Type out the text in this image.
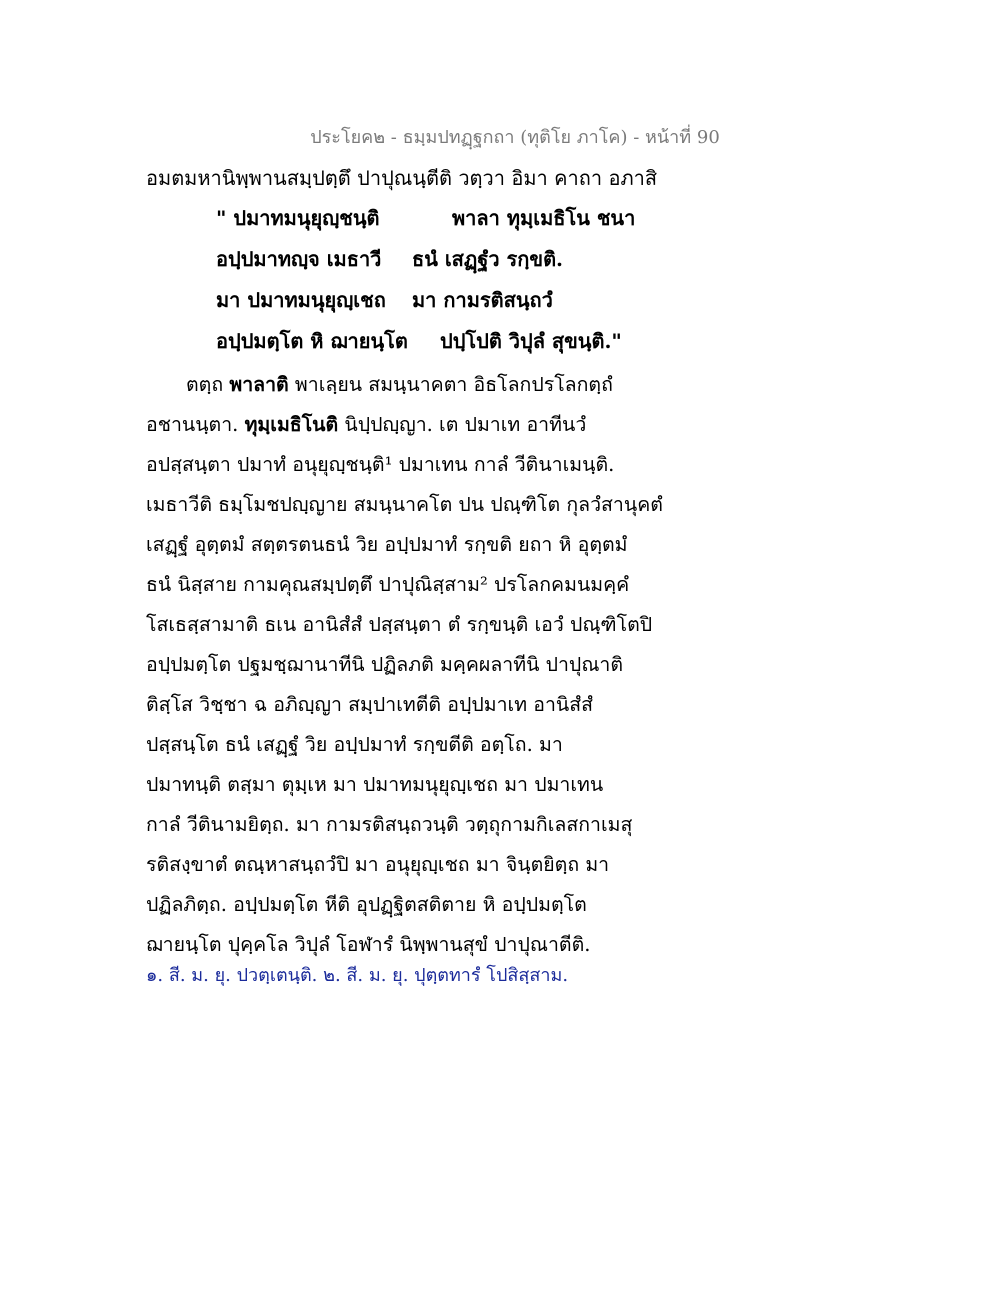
ประโยค๒ - ธมฺมปทฏฺฐกถา (ทุติโย ภาโค) - หน้าที่ 90
อมตมหานิพฺพานสมฺปตฺตึ ปาปุณนฺตีติ วตฺวา อิมา คาถา อภาสิ
" ปมาทมนุยุญฺชนฺติ	พาลา ทุมฺเมธิโน ชนา
อปฺปมาทญฺจ เมธาวี ธนํ เสฏฺฐํว รกฺขติ.
มา ปมาทมนุยุญฺเชถ มา กามรติสนฺถวํ
อปฺปมตฺโต หิ ฌายนฺโต ปปฺโปติ วิปุลํ สุขนฺติ."
ตตฺถ พาลาติ พาเลฺยน สมนฺนาคตา อิธโลกปรโลกตฺถํ
อชานนฺตา. ทุมฺเมธิโนติ นิปฺปญฺญา. เต ปมาเท อาทีนวํ
อปสฺสนฺตา ปมาทํ อนุยุญฺชนฺติ¹ ปมาเทน กาลํ วีตินาเมนฺติ.
เมธาวีติ ธมฺโมชปญฺญาย สมนฺนาคโต ปน ปณฺฑิโต กุลวํสานุคตํ
เสฏฺฐํ อุตฺตมํ สตฺตรตนธนํ วิย อปฺปมาทํ รกฺขติ ยถา หิ อุตฺตมํ
ธนํ นิสฺสาย กามคุณสมฺปตฺตึ ปาปุณิสฺสาม² ปรโลกคมนมคฺคํ
โสเธสฺสามาติ ธเน อานิสํสํ ปสฺสนฺตา ตํ รกฺขนฺติ เอวํ ปณฺฑิโตปิ
อปฺปมตฺโต ปฐมชฺฌานาทีนิ ปฏิลภติ มคฺคผลาทีนิ ปาปุณาติ
ติสฺโส วิชฺชา ฉ อภิญฺญา สมฺปาเทตีติ อปฺปมาเท อานิสํสํ
ปสฺสนฺโต ธนํ เสฏฺฐํ วิย อปฺปมาทํ รกฺขตีติ อตฺโถ. มา
ปมาทนฺติ ตสฺมา ตุมฺเห มา ปมาทมนุยุญฺเชถ มา ปมาเทน
กาลํ วีตินามยิตฺถ. มา กามรติสนฺถวนฺติ วตฺถุกามกิเลสกาเมสุ
รติสงฺขาตํ ตณฺหาสนฺถวํปิ มา อนุยุญฺเชถ มา จินฺตยิตฺถ มา
ปฏิลภิตฺถ. อปฺปมตฺโต หีติ อุปฏฺฐิตสติตาย หิ อปฺปมตฺโต
ฌายนฺโต ปุคฺคโล วิปุลํ โอฬารํ นิพฺพานสุขํ ปาปุณาตีติ.
๑. สี. ม. ยุ. ปวตฺเตนฺติ. ๒. สี. ม. ยุ. ปุตฺตทารํ โปสิสฺสาม.
